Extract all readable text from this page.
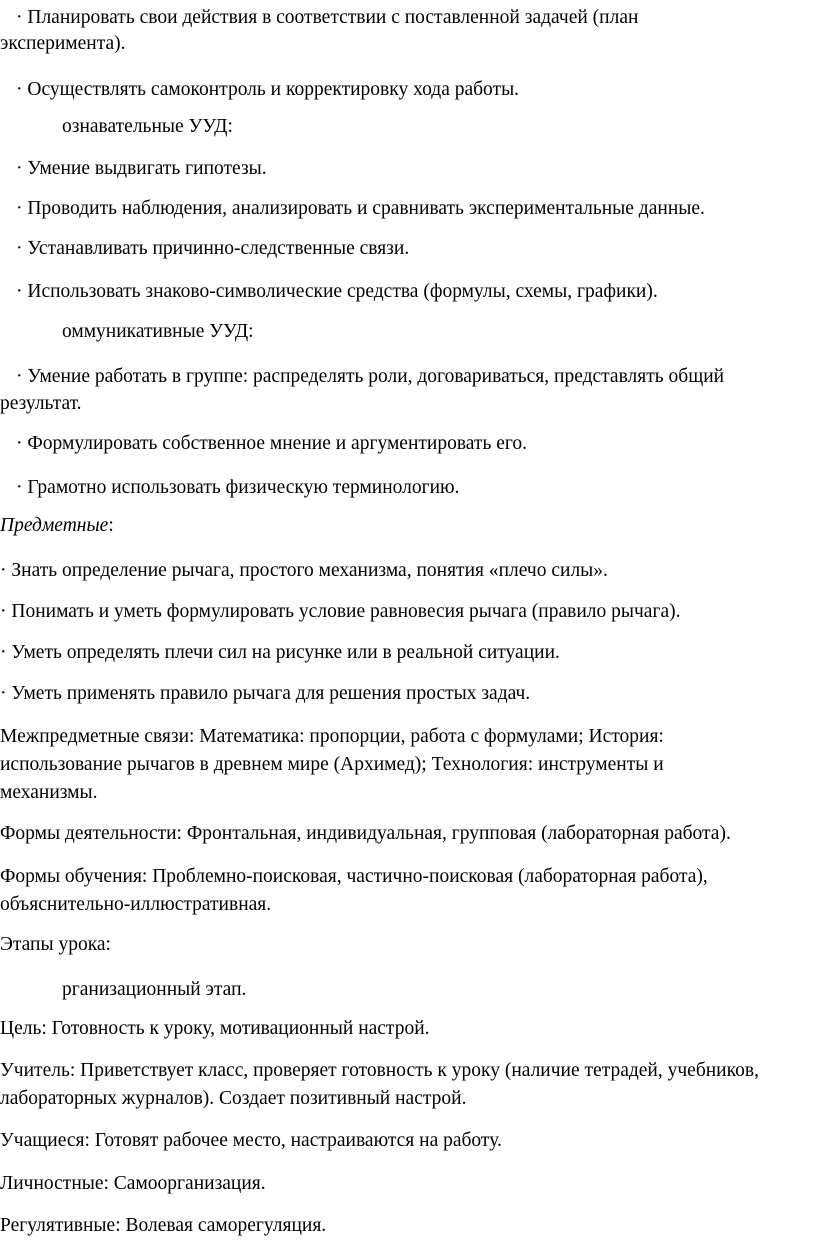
· Планировать свои действия в соответствии с поставленной задачей (план
эксперимента).
· Осуществлять самоконтроль и корректировку хода работы.
ознавательные УУД:
· Умение выдвигать гипотезы.
· Проводить наблюдения, анализировать и сравнивать экспериментальные данные.
· Устанавливать причинно-следственные связи.
· Использовать знаково-символические средства (формулы, схемы, графики).
оммуникативные УУД:
· Умение работать в группе: распределять роли, договариваться, представлять общий
результат.
· Формулировать собственное мнение и аргументировать его.
· Грамотно использовать физическую терминологию.
Предметные:
· Знать определение рычага, простого механизма, понятия «плечо силы».
· Понимать и уметь формулировать условие равновесия рычага (правило рычага).
· Уметь определять плечи сил на рисунке или в реальной ситуации.
· Уметь применять правило рычага для решения простых задач.
Межпредметные связи: Математика: пропорции, работа с формулами; История:
использование рычагов в древнем мире (Архимед); Технология: инструменты и
механизмы.
Формы деятельности: Фронтальная, индивидуальная, групповая (лабораторная работа).
Формы обучения: Проблемно-поисковая, частично-поисковая (лабораторная работа),
объяснительно-иллюстративная.
Этапы урока:
рганизационный этап.
Цель: Готовность к уроку, мотивационный настрой.
Учитель: Приветствует класс, проверяет готовность к уроку (наличие тетрадей, учебников,
лабораторных журналов). Создает позитивный настрой.
Учащиеся: Готовят рабочее место, настраиваются на работу.
Личностные: Самоорганизация.
Регулятивные: Волевая саморегуляция.
